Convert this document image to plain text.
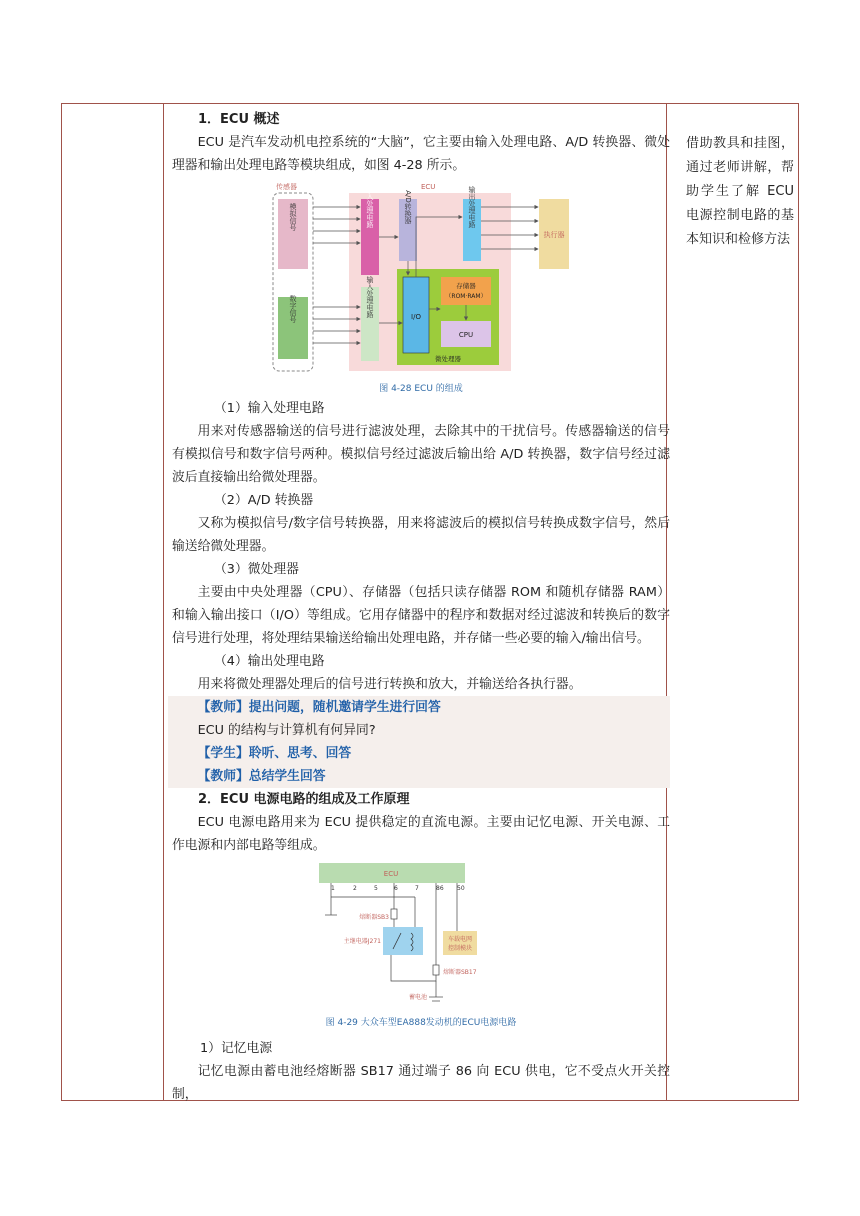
借助教具和挂图，通过老师讲解，帮助学生了解 ECU 电源控制电路的基本知识和检修方法

1．ECU 概述

ECU 是汽车发动机电控系统的“大脑”，它主要由输入处理电路、A/D 转换器、微处理器和输出处理电路等模块组成，如图 4-28 所示。

传感器
模拟信号
数字信号
ECU
输入处理电路
输入处理电路
A/D转换器	输出处理电路
I/O
存储器
（ROM·RAM）
CPU
微处理器
执行器
图 4-28 ECU 的组成

（1）输入处理电路

用来对传感器输送的信号进行滤波处理，去除其中的干扰信号。传感器输送的信号有模拟信号和数字信号两种。模拟信号经过滤波后输出给 A/D 转换器，数字信号经过滤波后直接输出给微处理器。

（2）A/D 转换器

又称为模拟信号/数字信号转换器，用来将滤波后的模拟信号转换成数字信号，然后输送给微处理器。

（3）微处理器

主要由中央处理器（CPU）、存储器（包括只读存储器 ROM 和随机存储器 RAM）和输入输出接口（I/O）等组成。它用存储器中的程序和数据对经过滤波和转换后的数字信号进行处理，将处理结果输送给输出处理电路，并存储一些必要的输入/输出信号。

（4）输出处理电路

用来将微处理器处理后的信号进行转换和放大，并输送给各执行器。

【教师】提出问题，随机邀请学生进行回答

ECU 的结构与计算机有何异同?

【学生】聆听、思考、回答

【教师】总结学生回答

2．ECU 电源电路的组成及工作原理

ECU 电源电路用来为 ECU 提供稳定的直流电源。主要由记忆电源、开关电源、工作电源和内部电路等组成。

ECU
1	2	5	6	7	86 50
车载电网
控制模块
熔断器SB3
主继电器J271
熔断器SB17
蓄电池
图 4-29 大众车型EA888发动机的ECU电源电路

1）记忆电源

记忆电源由蓄电池经熔断器 SB17 通过端子 86 向 ECU 供电，它不受点火开关控制，
